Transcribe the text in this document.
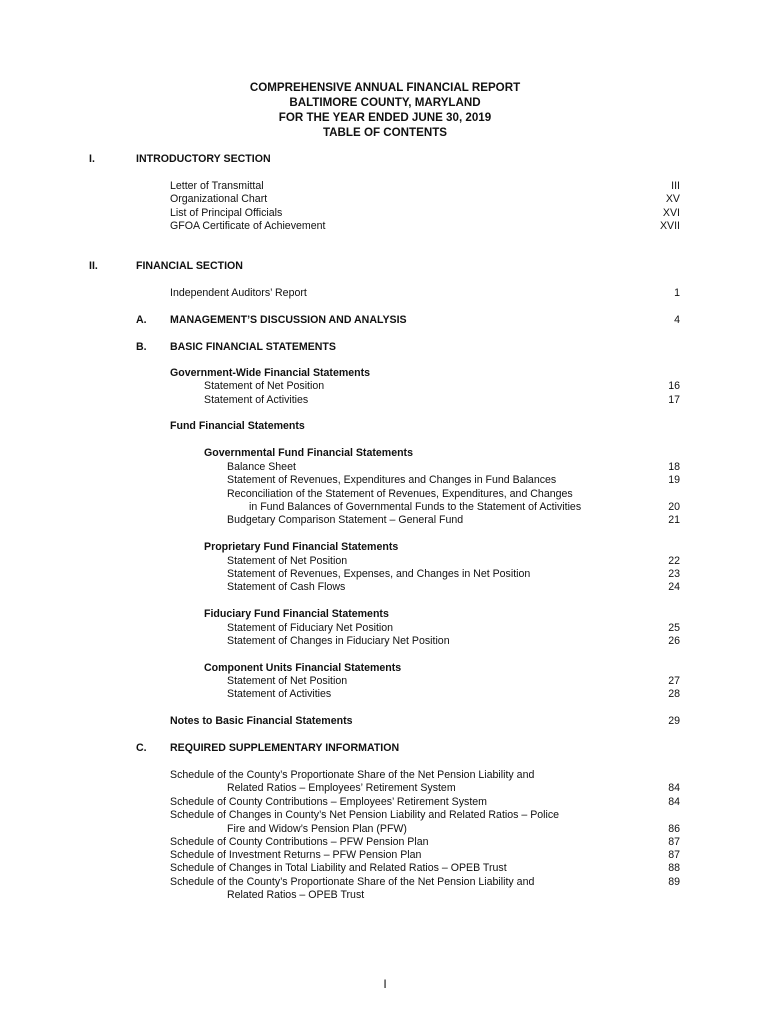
COMPREHENSIVE ANNUAL FINANCIAL REPORT
BALTIMORE COUNTY, MARYLAND
FOR THE YEAR ENDED JUNE 30, 2019
TABLE OF CONTENTS
I.	INTRODUCTORY SECTION
Letter of Transmittal	III
Organizational Chart	XV
List of Principal Officials	XVI
GFOA Certificate of Achievement	XVII
II.	FINANCIAL SECTION
Independent Auditors’ Report	1
A. MANAGEMENT’S DISCUSSION AND ANALYSIS	4
B. BASIC FINANCIAL STATEMENTS
Government-Wide Financial Statements
Statement of Net Position	16
Statement of Activities	17
Fund Financial Statements
Governmental Fund Financial Statements
Balance Sheet	18
Statement of Revenues, Expenditures and Changes in Fund Balances	19
Reconciliation of the Statement of Revenues, Expenditures, and Changes
in Fund Balances of Governmental Funds to the Statement of Activities	20
Budgetary Comparison Statement – General Fund	21
Proprietary Fund Financial Statements
Statement of Net Position	22
Statement of Revenues, Expenses, and Changes in Net Position	23
Statement of Cash Flows	24
Fiduciary Fund Financial Statements
Statement of Fiduciary Net Position	25
Statement of Changes in Fiduciary Net Position	26
Component Units Financial Statements
Statement of Net Position	27
Statement of Activities	28
Notes to Basic Financial Statements	29
C. REQUIRED SUPPLEMENTARY INFORMATION
Schedule of the County’s Proportionate Share of the Net Pension Liability and
Related Ratios – Employees’ Retirement System	84
Schedule of County Contributions – Employees’ Retirement System	84
Schedule of Changes in County’s Net Pension Liability and Related Ratios – Police
Fire and Widow’s Pension Plan (PFW)	86
Schedule of County Contributions – PFW Pension Plan	87
Schedule of Investment Returns – PFW Pension Plan	87
Schedule of Changes in Total Liability and Related Ratios – OPEB Trust	88
Schedule of the County’s Proportionate Share of the Net Pension Liability and	89
Related Ratios – OPEB Trust
I
